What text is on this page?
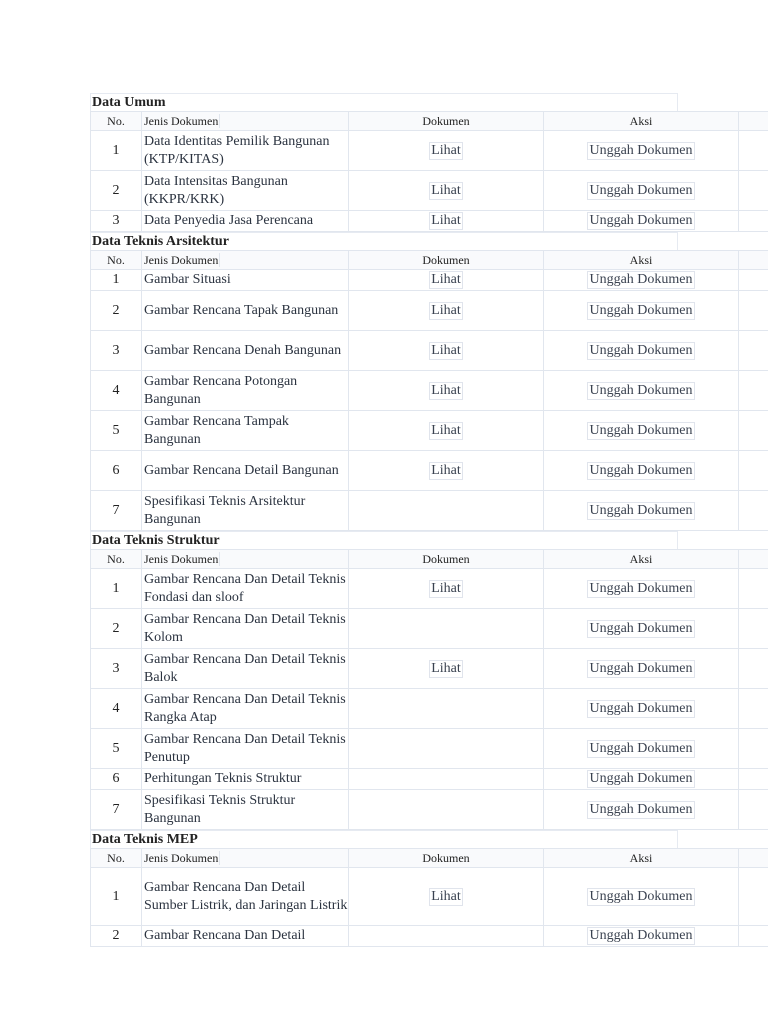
Data Umum
No.	Jenis Dokumen	Dokumen	Aksi	
1	Data Identitas Pemilik Bangunan (KTP/KITAS)	Lihat	Unggah Dokumen	
2	Data Intensitas Bangunan (KKPR/KRK)	Lihat	Unggah Dokumen	
3	Data Penyedia Jasa Perencana	Lihat	Unggah Dokumen	
Data Teknis Arsitektur
No.	Jenis Dokumen	Dokumen	Aksi	
1	Gambar Situasi	Lihat	Unggah Dokumen	
2	Gambar Rencana Tapak Bangunan	Lihat	Unggah Dokumen	
3	Gambar Rencana Denah Bangunan	Lihat	Unggah Dokumen	
4	Gambar Rencana Potongan Bangunan	Lihat	Unggah Dokumen	
5	Gambar Rencana Tampak Bangunan	Lihat	Unggah Dokumen	
6	Gambar Rencana Detail Bangunan	Lihat	Unggah Dokumen	
7	Spesifikasi Teknis Arsitektur Bangunan		Unggah Dokumen	
Data Teknis Struktur
No.	Jenis Dokumen	Dokumen	Aksi	
1	Gambar Rencana Dan Detail Teknis Fondasi dan sloof	Lihat	Unggah Dokumen	
2	Gambar Rencana Dan Detail Teknis Kolom		Unggah Dokumen	
3	Gambar Rencana Dan Detail Teknis Balok	Lihat	Unggah Dokumen	
4	Gambar Rencana Dan Detail Teknis Rangka Atap		Unggah Dokumen	
5	Gambar Rencana Dan Detail Teknis Penutup		Unggah Dokumen	
6	Perhitungan Teknis Struktur		Unggah Dokumen	
7	Spesifikasi Teknis Struktur Bangunan		Unggah Dokumen	
Data Teknis MEP
No.	Jenis Dokumen	Dokumen	Aksi	
1	Gambar Rencana Dan Detail Sumber Listrik, dan Jaringan Listrik	Lihat	Unggah Dokumen	
2	Gambar Rencana Dan Detail		Unggah Dokumen	
